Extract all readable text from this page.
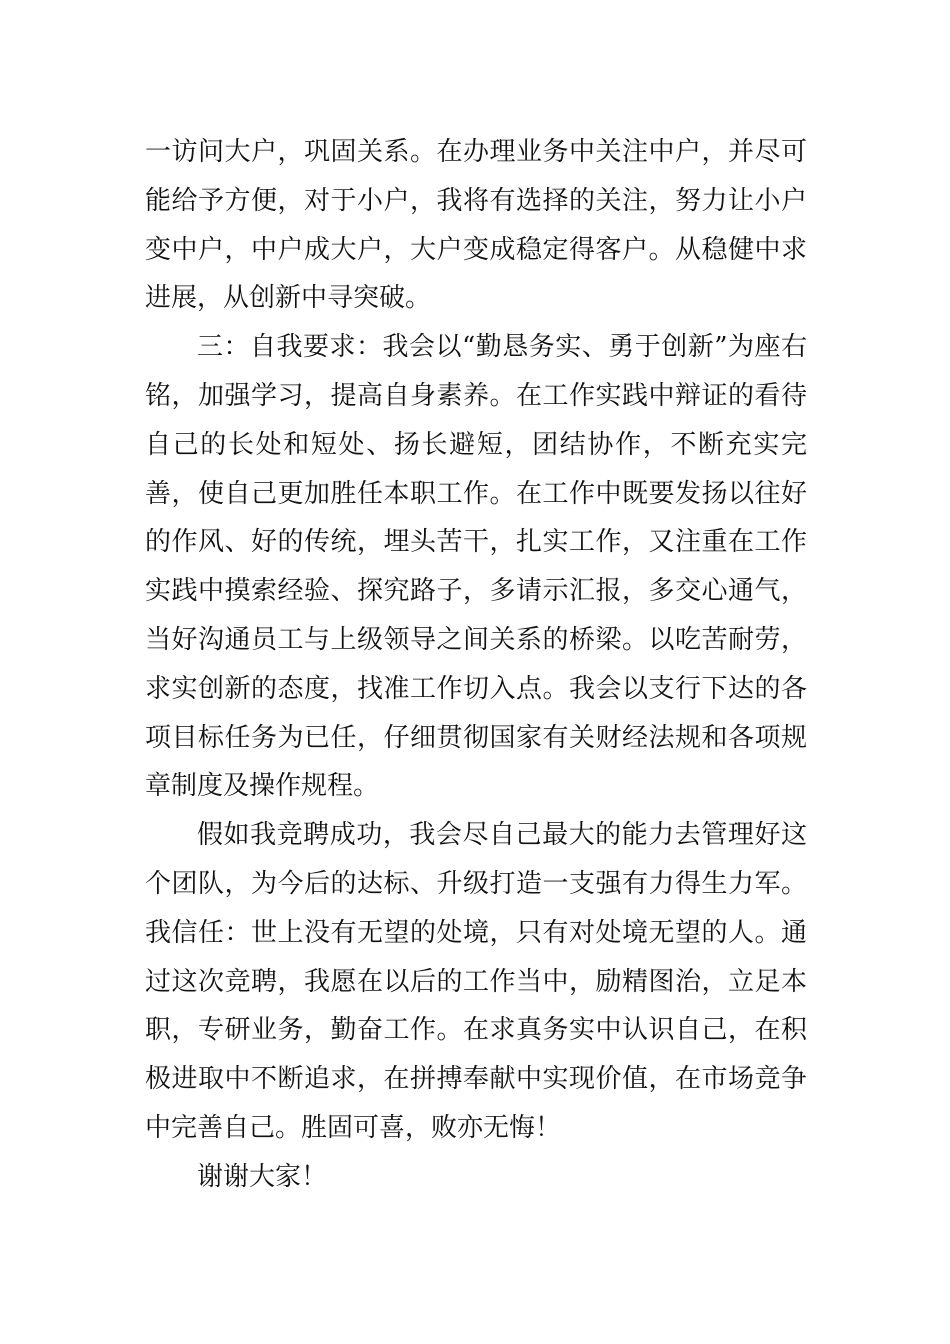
一访问大户，巩固关系。在办理业务中关注中户，并尽可能给予方便，对于小户，我将有选择的关注，努力让小户变中户，中户成大户，大户变成稳定得客户。从稳健中求进展，从创新中寻突破。

三：自我要求：我会以“勤恳务实、勇于创新”为座右铭，加强学习，提高自身素养。在工作实践中辩证的看待自己的长处和短处、扬长避短，团结协作，不断充实完善，使自己更加胜任本职工作。在工作中既要发扬以往好的作风、好的传统，埋头苦干，扎实工作，又注重在工作实践中摸索经验、探究路子，多请示汇报，多交心通气，当好沟通员工与上级领导之间关系的桥梁。以吃苦耐劳，求实创新的态度，找准工作切入点。我会以支行下达的各项目标任务为已任，仔细贯彻国家有关财经法规和各项规章制度及操作规程。

假如我竞聘成功，我会尽自己最大的能力去管理好这个团队，为今后的达标、升级打造一支强有力得生力军。我信任：世上没有无望的处境，只有对处境无望的人。通过这次竞聘，我愿在以后的工作当中，励精图治，立足本职，专研业务，勤奋工作。在求真务实中认识自己，在积极进取中不断追求，在拼搏奉献中实现价值，在市场竞争中完善自己。胜固可喜，败亦无悔！

谢谢大家！
